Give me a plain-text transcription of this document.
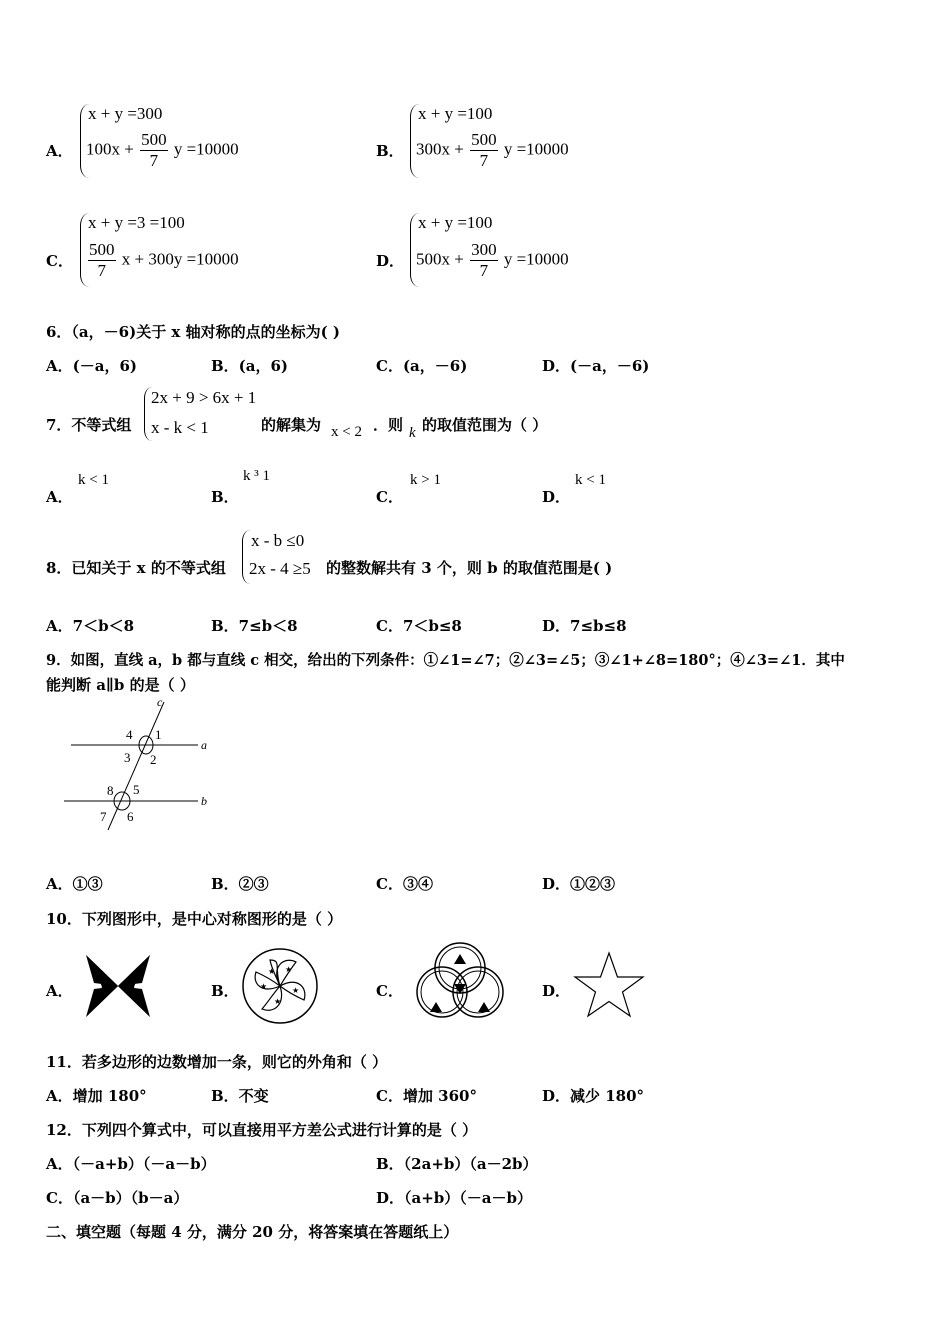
A．
x + y =300
$100x + \frac{500}{7}$ y =10000	B．
x + y =100
$300x + \frac{500}{7}$ y =10000
C．
x + y =3 =100
$\frac{500}{7}$ x + 300y =10000	D．
x + y =100
$500x + \frac{300}{7}$ y =10000
6．（a，－6)关于 x 轴对称的点的坐标为( )
A．(－a，6)	B．(a，6)	C．(a，－6)	D．(－a，－6)
7．不等式组
2x + 9 > 6x + 1
x - k < 1	的解集为 x < 2 ．则 k 的取值范围为（ ）
A．
k < 1
B．
k ³ 1
C．
k > 1
D．
k < 1
8．已知关于 x 的不等式组
x - b ≤0
2x - 4 ≥5 的整数解共有 3 个，则 b 的取值范围是( )
A．7＜b＜8	B．7≤b＜8	C．7＜b≤8	D．7≤b≤8
9．如图，直线 a，b 都与直线 c 相交，给出的下列条件：①∠1=∠7；②∠3=∠5；③∠1+∠8=180°；④∠3=∠1．其中
能判断 a∥b 的是（ ）
c
a
b
1
2
3
4
5
6
7
8
A．①③	B．②③	C．③④	D．①②③
10．下列图形中，是中心对称图形的是（ ）
A．	B．
★
★
★
★
★
C．	D．
11．若多边形的边数增加一条，则它的外角和（ ）
A．增加 180°	B．不变	C．增加 360°	D．减少 180°
12．下列四个算式中，可以直接用平方差公式进行计算的是（ ）
A．（－a+b）（－a－b）	B．（2a+b）（a－2b）
C．（a－b）（b－a）	D．（a+b）（－a－b）
二、填空题（每题 4 分，满分 20 分，将答案填在答题纸上）
